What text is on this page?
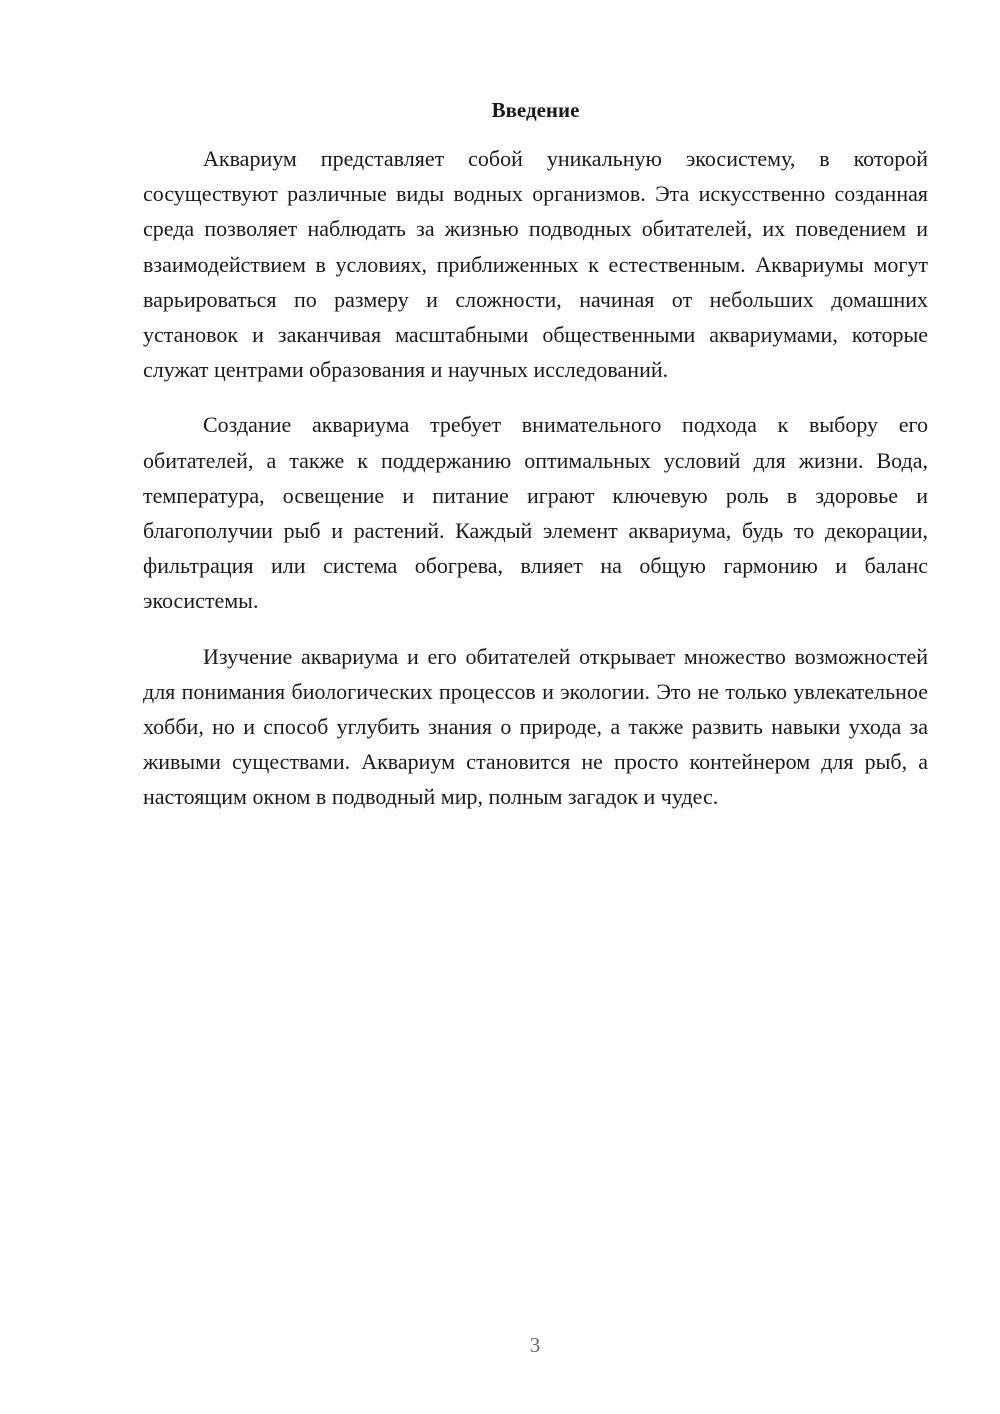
Введение

Аквариум представляет собой уникальную экосистему, в которой сосуществуют различные виды водных организмов. Эта искусственно созданная среда позволяет наблюдать за жизнью подводных обитателей, их поведением и взаимодействием в условиях, приближенных к естественным. Аквариумы могут варьироваться по размеру и сложности, начиная от небольших домашних установок и заканчивая масштабными общественными аквариумами, которые служат центрами образования и научных исследований.

Создание аквариума требует внимательного подхода к выбору его обитателей, а также к поддержанию оптимальных условий для жизни. Вода, температура, освещение и питание играют ключевую роль в здоровье и благополучии рыб и растений. Каждый элемент аквариума, будь то декорации, фильтрация или система обогрева, влияет на общую гармонию и баланс экосистемы.

Изучение аквариума и его обитателей открывает множество возможностей для понимания биологических процессов и экологии. Это не только увлекательное хобби, но и способ углубить знания о природе, а также развить навыки ухода за живыми существами. Аквариум становится не просто контейнером для рыб, а настоящим окном в подводный мир, полным загадок и чудес.

3
